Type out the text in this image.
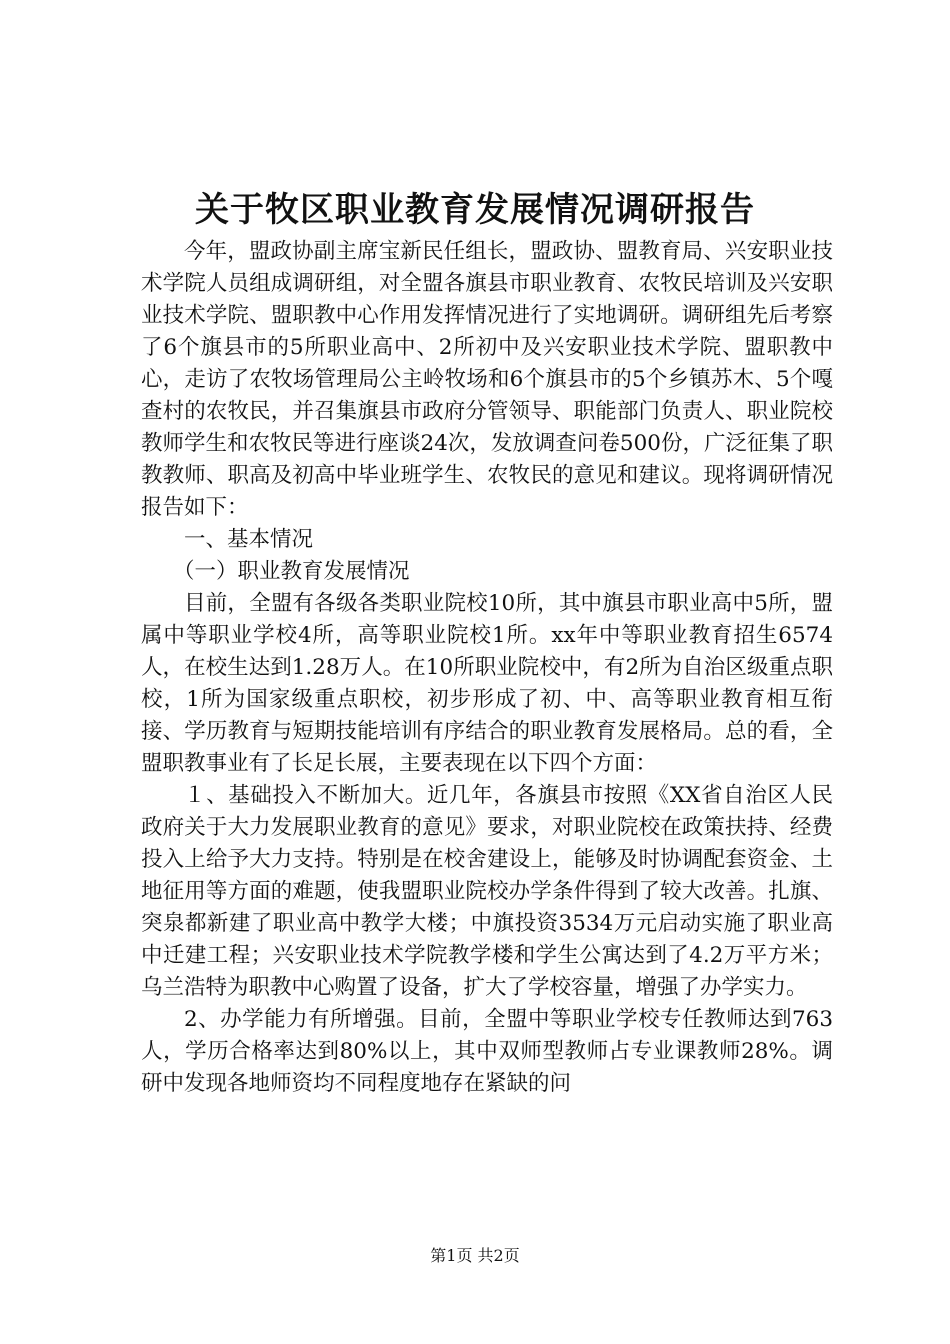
关于牧区职业教育发展情况调研报告

今年，盟政协副主席宝新民任组长，盟政协、盟教育局、兴安职业技术学院人员组成调研组，对全盟各旗县市职业教育、农牧民培训及兴安职业技术学院、盟职教中心作用发挥情况进行了实地调研。调研组先后考察了6个旗县市的5所职业高中、2所初中及兴安职业技术学院、盟职教中心，走访了农牧场管理局公主岭牧场和6个旗县市的5个乡镇苏木、5个嘎查村的农牧民，并召集旗县市政府分管领导、职能部门负责人、职业院校教师学生和农牧民等进行座谈24次，发放调查问卷500份，广泛征集了职教教师、职高及初高中毕业班学生、农牧民的意见和建议。现将调研情况报告如下：

一、基本情况

（一）职业教育发展情况

目前，全盟有各级各类职业院校10所，其中旗县市职业高中5所，盟属中等职业学校4所，高等职业院校1所。xx年中等职业教育招生6574人，在校生达到1.28万人。在10所职业院校中，有2所为自治区级重点职校，1所为国家级重点职校，初步形成了初、中、高等职业教育相互衔接、学历教育与短期技能培训有序结合的职业教育发展格局。总的看，全盟职教事业有了长足长展，主要表现在以下四个方面：

１、基础投入不断加大。近几年，各旗县市按照《XX省自治区人民政府关于大力发展职业教育的意见》要求，对职业院校在政策扶持、经费投入上给予大力支持。特别是在校舍建设上，能够及时协调配套资金、土地征用等方面的难题，使我盟职业院校办学条件得到了较大改善。扎旗、突泉都新建了职业高中教学大楼；中旗投资3534万元启动实施了职业高中迁建工程；兴安职业技术学院教学楼和学生公寓达到了4.2万平方米；乌兰浩特为职教中心购置了设备，扩大了学校容量，增强了办学实力。

2、办学能力有所增强。目前，全盟中等职业学校专任教师达到763人，学历合格率达到80%以上，其中双师型教师占专业课教师28%。调研中发现各地师资均不同程度地存在紧缺的问

第1页 共2页
